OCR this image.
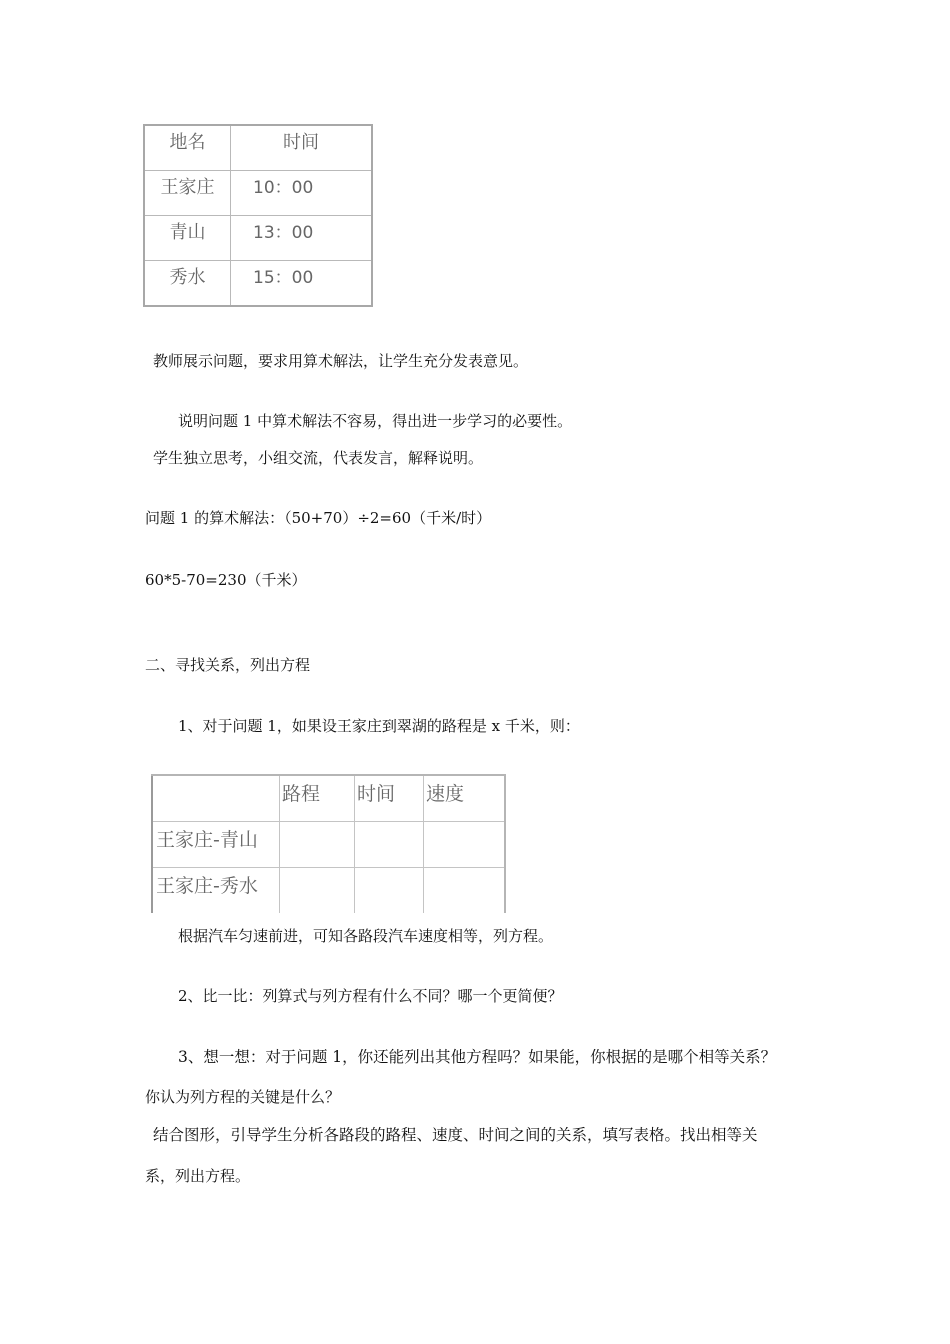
地名	时间
王家庄	10：00
青山	13：00
秀水	15：00
教师展示问题，要求用算术解法，让学生充分发表意见。
说明问题 1 中算术解法不容易，得出进一步学习的必要性。
学生独立思考，小组交流，代表发言，解释说明。
问题 1 的算术解法：（50+70）÷2=60（千米/时）
60*5-70=230（千米）
二、寻找关系，列出方程
1、对于问题 1，如果设王家庄到翠湖的路程是 x 千米，则：
	路程	时间	速度
王家庄-青山			
王家庄-秀水			
根据汽车匀速前进，可知各路段汽车速度相等，列方程。
2、比一比：列算式与列方程有什么不同？哪一个更简便？
3、想一想：对于问题 1，你还能列出其他方程吗？如果能，你根据的是哪个相等关系？
你认为列方程的关键是什么？
结合图形，引导学生分析各路段的路程、速度、时间之间的关系，填写表格。找出相等关
系，列出方程。
